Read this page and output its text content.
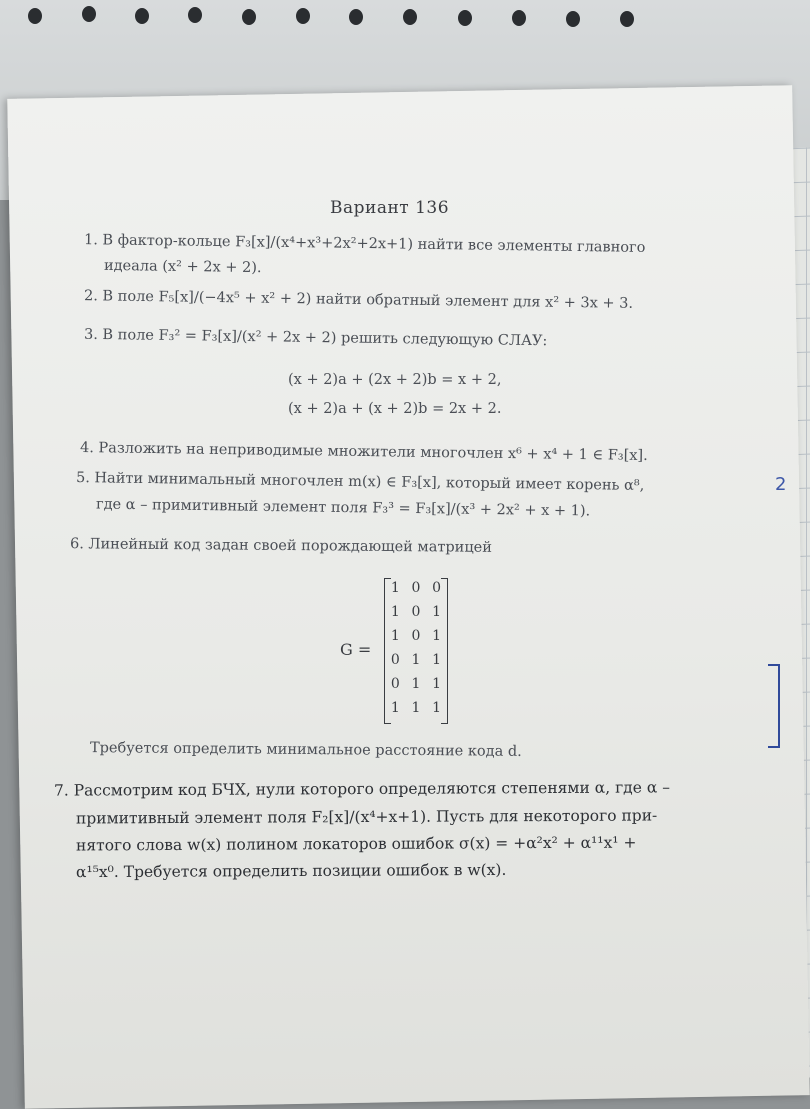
Вариант 136
1. В фактор-кольце F₃[x]/(x⁴+x³+2x²+2x+1) найти все элементы главного
идеала (x² + 2x + 2).
2. В поле F₅[x]/(−4x⁵ + x² + 2) найти обратный элемент для x² + 3x + 3.
3. В поле F₃² = F₃[x]/(x² + 2x + 2) решить следующую СЛАУ:
(x + 2)a + (2x + 2)b = x + 2,
(x + 2)a + (x + 2)b = 2x + 2.
4. Разложить на неприводимые множители многочлен x⁶ + x⁴ + 1 ∈ F₃[x].
5. Найти минимальный многочлен m(x) ∈ F₃[x], который имеет корень α⁸,
где α – примитивный элемент поля F₃³ = F₃[x]/(x³ + 2x² + x + 1).
6. Линейный код задан своей порождающей матрицей
G =
1 0 0
1 0 1
1 0 1
0 1 1
0 1 1
1 1 1
Требуется определить минимальное расстояние кода d.
7. Рассмотрим код БЧХ, нули которого определяются степенями α, где α –
примитивный элемент поля F₂[x]/(x⁴+x+1). Пусть для некоторого при-
нятого слова w(x) полином локаторов ошибок σ(x) = +α²x² + α¹¹x¹ +
α¹⁵x⁰. Требуется определить позиции ошибок в w(x).
2
